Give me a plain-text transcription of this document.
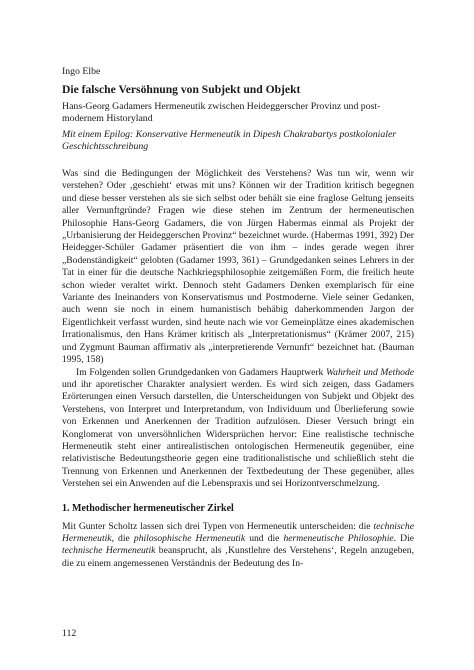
Ingo Elbe

Die falsche Versöhnung von Subjekt und Objekt

Hans-Georg Gadamers Hermeneutik zwischen Heideggerscher Provinz und postmodernem Historyland

Mit einem Epilog: Konservative Hermeneutik in Dipesh Chakrabartys postkolonialer Geschichtsschreibung

Was sind die Bedingungen der Möglichkeit des Verstehens? Was tun wir, wenn wir verstehen? Oder ‚geschieht‘ etwas mit uns? Können wir der Tradition kritisch begegnen und diese besser verstehen als sie sich selbst oder behält sie eine fraglose Geltung jenseits aller Vernunftgründe? Fragen wie diese stehen im Zentrum der hermeneutischen Philosophie Hans-Georg Gadamers, die von Jürgen Habermas einmal als Projekt der „Urbanisierung der Heideggerschen Provinz“ bezeichnet wurde. (Habermas 1991, 392) Der Heidegger-Schüler Gadamer präsentiert die von ihm – indes gerade wegen ihrer „Bodenständigkeit“ gelobten (Gadamer 1993, 361) – Grundgedanken seines Lehrers in der Tat in einer für die deutsche Nachkriegsphilosophie zeitgemäßen Form, die freilich heute schon wieder veraltet wirkt. Dennoch steht Gadamers Denken exemplarisch für eine Variante des Ineinanders von Konservatismus und Postmoderne. Viele seiner Gedanken, auch wenn sie noch in einem humanistisch behäbig daherkommenden Jargon der Eigentlichkeit verfasst wurden, sind heute nach wie vor Gemeinplätze eines akademischen Irrationalismus, den Hans Krämer kritisch als „Interpretationismus“ (Krämer 2007, 215) und Zygmunt Bauman affirmativ als „interpretierende Vernunft“ bezeichnet hat. (Bauman 1995, 158)

Im Folgenden sollen Grundgedanken von Gadamers Hauptwerk Wahrheit und Methode und ihr aporetischer Charakter analysiert werden. Es wird sich zeigen, dass Gadamers Erörterungen einen Versuch darstellen, die Unterscheidungen von Subjekt und Objekt des Verstehens, von Interpret und Interpretandum, von Individuum und Überlieferung sowie von Erkennen und Anerkennen der Tradition aufzulösen. Dieser Versuch bringt ein Konglomerat von unversöhnlichen Widersprüchen hervor: Eine realistische technische Hermeneutik steht einer antirealistischen ontologischen Hermeneutik gegenüber, eine relativistische Bedeutungstheorie gegen eine traditionalistische und schließlich steht die Trennung von Erkennen und Anerkennen der Textbedeutung der These gegenüber, alles Verstehen sei ein Anwenden auf die Lebenspraxis und sei Horizontverschmelzung.

1. Methodischer hermeneutischer Zirkel

Mit Gunter Scholtz lassen sich drei Typen von Hermeneutik unterscheiden: die technische Hermeneutik, die philosophische Hermeneutik und die hermeneutische Philosophie. Die technische Hermeneutik beansprucht, als ‚Kunstlehre des Verstehens‘, Regeln anzugeben, die zu einem angemessenen Verständnis der Bedeutung des In-

112
